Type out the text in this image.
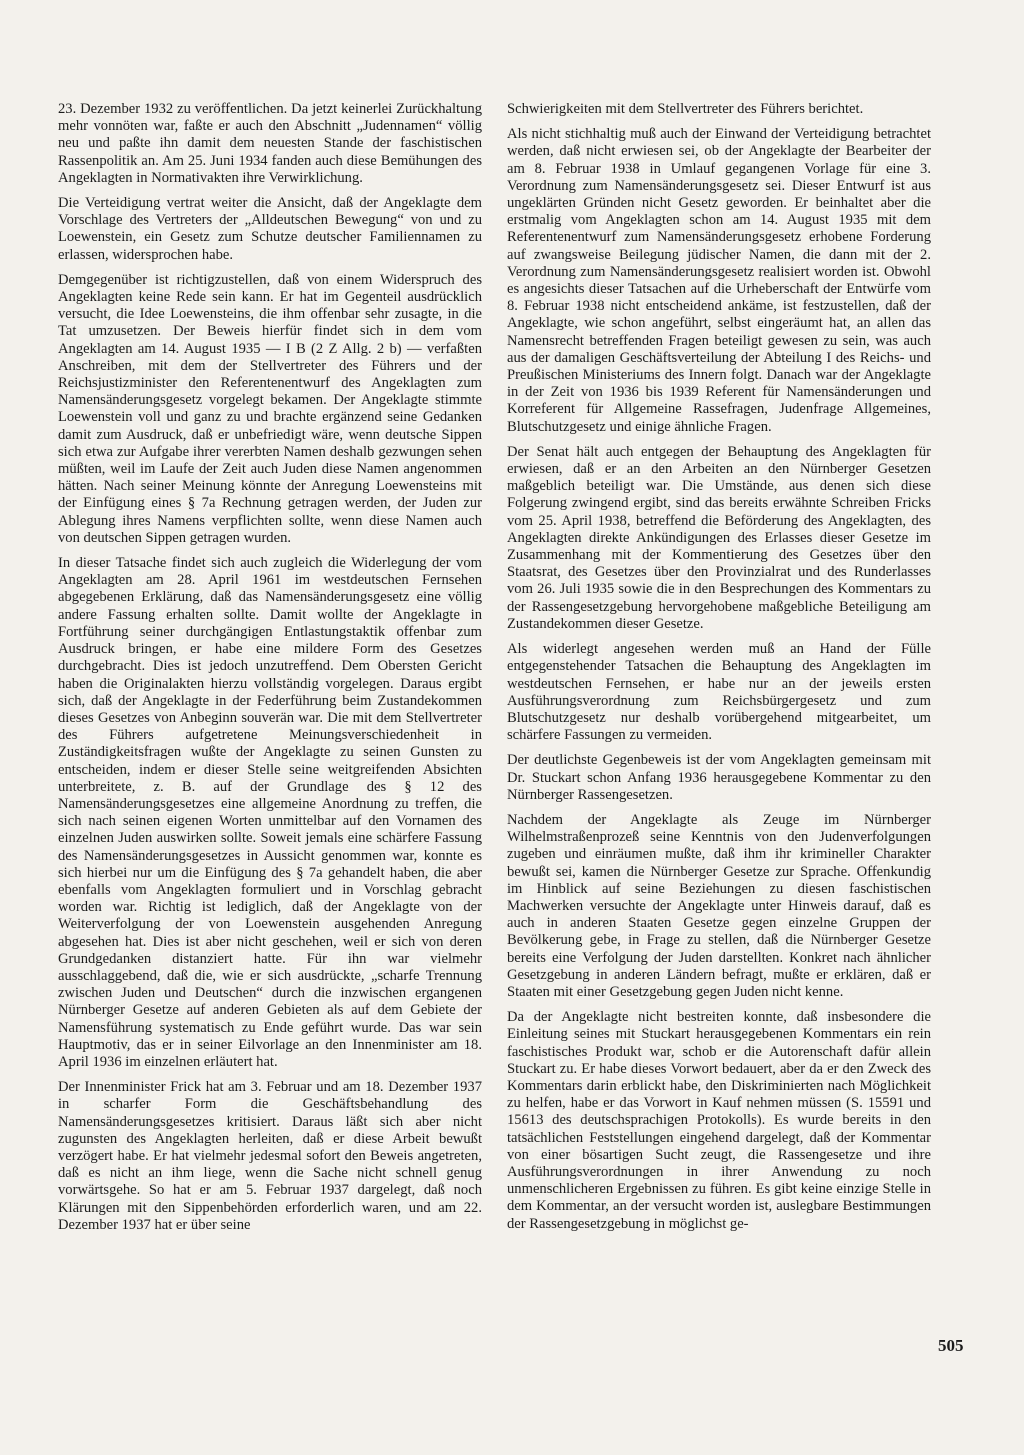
23. Dezember 1932 zu veröffentlichen. Da jetzt keinerlei Zurückhaltung mehr vonnöten war, faßte er auch den Abschnitt „Judennamen“ völlig neu und paßte ihn damit dem neuesten Stande der faschistischen Rassenpolitik an. Am 25. Juni 1934 fanden auch diese Bemühungen des Angeklagten in Normativakten ihre Verwirklichung.

Die Verteidigung vertrat weiter die Ansicht, daß der Angeklagte dem Vorschlage des Vertreters der „Alldeutschen Bewegung“ von und zu Loewenstein, ein Gesetz zum Schutze deutscher Familiennamen zu erlassen, widersprochen habe.

Demgegenüber ist richtigzustellen, daß von einem Widerspruch des Angeklagten keine Rede sein kann. Er hat im Gegenteil ausdrücklich versucht, die Idee Loewensteins, die ihm offenbar sehr zusagte, in die Tat umzusetzen. Der Beweis hierfür findet sich in dem vom Angeklagten am 14. August 1935 — I B (2 Z Allg. 2 b) — verfaßten Anschreiben, mit dem der Stellvertreter des Führers und der Reichsjustizminister den Referentenentwurf des Angeklagten zum Namensänderungsgesetz vorgelegt bekamen. Der Angeklagte stimmte Loewenstein voll und ganz zu und brachte ergänzend seine Gedanken damit zum Ausdruck, daß er unbefriedigt wäre, wenn deutsche Sippen sich etwa zur Aufgabe ihrer vererbten Namen deshalb gezwungen sehen müßten, weil im Laufe der Zeit auch Juden diese Namen angenommen hätten. Nach seiner Meinung könnte der Anregung Loewensteins mit der Einfügung eines § 7a Rechnung getragen werden, der Juden zur Ablegung ihres Namens verpflichten sollte, wenn diese Namen auch von deutschen Sippen getragen wurden.

In dieser Tatsache findet sich auch zugleich die Widerlegung der vom Angeklagten am 28. April 1961 im westdeutschen Fernsehen abgegebenen Erklärung, daß das Namensänderungsgesetz eine völlig andere Fassung erhalten sollte. Damit wollte der Angeklagte in Fortführung seiner durchgängigen Entlastungstaktik offenbar zum Ausdruck bringen, er habe eine mildere Form des Gesetzes durchgebracht. Dies ist jedoch unzutreffend. Dem Obersten Gericht haben die Originalakten hierzu vollständig vorgelegen. Daraus ergibt sich, daß der Angeklagte in der Federführung beim Zustandekommen dieses Gesetzes von Anbeginn souverän war. Die mit dem Stellvertreter des Führers aufgetretene Meinungsverschiedenheit in Zuständigkeitsfragen wußte der Angeklagte zu seinen Gunsten zu entscheiden, indem er dieser Stelle seine weitgreifenden Absichten unterbreitete, z. B. auf der Grundlage des § 12 des Namensänderungsgesetzes eine allgemeine Anordnung zu treffen, die sich nach seinen eigenen Worten unmittelbar auf den Vornamen des einzelnen Juden auswirken sollte. Soweit jemals eine schärfere Fassung des Namensänderungsgesetzes in Aussicht genommen war, konnte es sich hierbei nur um die Einfügung des § 7a gehandelt haben, die aber ebenfalls vom Angeklagten formuliert und in Vorschlag gebracht worden war. Richtig ist lediglich, daß der Angeklagte von der Weiterverfolgung der von Loewenstein ausgehenden Anregung abgesehen hat. Dies ist aber nicht geschehen, weil er sich von deren Grundgedanken distanziert hatte. Für ihn war vielmehr ausschlaggebend, daß die, wie er sich ausdrückte, „scharfe Trennung zwischen Juden und Deutschen“ durch die inzwischen ergangenen Nürnberger Gesetze auf anderen Gebieten als auf dem Gebiete der Namensführung systematisch zu Ende geführt wurde. Das war sein Hauptmotiv, das er in seiner Eilvorlage an den Innenminister am 18. April 1936 im einzelnen erläutert hat.

Der Innenminister Frick hat am 3. Februar und am 18. Dezember 1937 in scharfer Form die Geschäftsbehandlung des Namensänderungsgesetzes kritisiert. Daraus läßt sich aber nicht zugunsten des Angeklagten herleiten, daß er diese Arbeit bewußt verzögert habe. Er hat vielmehr jedesmal sofort den Beweis angetreten, daß es nicht an ihm liege, wenn die Sache nicht schnell genug vorwärtsgehe. So hat er am 5. Februar 1937 dargelegt, daß noch Klärungen mit den Sippenbehörden erforderlich waren, und am 22. Dezember 1937 hat er über seine

Schwierigkeiten mit dem Stellvertreter des Führers berichtet.

Als nicht stichhaltig muß auch der Einwand der Verteidigung betrachtet werden, daß nicht erwiesen sei, ob der Angeklagte der Bearbeiter der am 8. Februar 1938 in Umlauf gegangenen Vorlage für eine 3. Verordnung zum Namensänderungsgesetz sei. Dieser Entwurf ist aus ungeklärten Gründen nicht Gesetz geworden. Er beinhaltet aber die erstmalig vom Angeklagten schon am 14. August 1935 mit dem Referentenentwurf zum Namensänderungsgesetz erhobene Forderung auf zwangsweise Beilegung jüdischer Namen, die dann mit der 2. Verordnung zum Namensänderungsgesetz realisiert worden ist. Obwohl es angesichts dieser Tatsachen auf die Urheberschaft der Entwürfe vom 8. Februar 1938 nicht entscheidend ankäme, ist festzustellen, daß der Angeklagte, wie schon angeführt, selbst eingeräumt hat, an allen das Namensrecht betreffenden Fragen beteiligt gewesen zu sein, was auch aus der damaligen Geschäftsverteilung der Abteilung I des Reichs- und Preußischen Ministeriums des Innern folgt. Danach war der Angeklagte in der Zeit von 1936 bis 1939 Referent für Namensänderungen und Korreferent für Allgemeine Rassefragen, Judenfrage Allgemeines, Blutschutzgesetz und einige ähnliche Fragen.

Der Senat hält auch entgegen der Behauptung des Angeklagten für erwiesen, daß er an den Arbeiten an den Nürnberger Gesetzen maßgeblich beteiligt war. Die Umstände, aus denen sich diese Folgerung zwingend ergibt, sind das bereits erwähnte Schreiben Fricks vom 25. April 1938, betreffend die Beförderung des Angeklagten, des Angeklagten direkte Ankündigungen des Erlasses dieser Gesetze im Zusammenhang mit der Kommentierung des Gesetzes über den Staatsrat, des Gesetzes über den Provinzialrat und des Runderlasses vom 26. Juli 1935 sowie die in den Besprechungen des Kommentars zu der Rassengesetzgebung hervorgehobene maßgebliche Beteiligung am Zustandekommen dieser Gesetze.

Als widerlegt angesehen werden muß an Hand der Fülle entgegenstehender Tatsachen die Behauptung des Angeklagten im westdeutschen Fernsehen, er habe nur an der jeweils ersten Ausführungsverordnung zum Reichsbürgergesetz und zum Blutschutzgesetz nur deshalb vorübergehend mitgearbeitet, um schärfere Fassungen zu vermeiden.

Der deutlichste Gegenbeweis ist der vom Angeklagten gemeinsam mit Dr. Stuckart schon Anfang 1936 herausgegebene Kommentar zu den Nürnberger Rassengesetzen.

Nachdem der Angeklagte als Zeuge im Nürnberger Wilhelmstraßenprozeß seine Kenntnis von den Judenverfolgungen zugeben und einräumen mußte, daß ihm ihr krimineller Charakter bewußt sei, kamen die Nürnberger Gesetze zur Sprache. Offenkundig im Hinblick auf seine Beziehungen zu diesen faschistischen Machwerken versuchte der Angeklagte unter Hinweis darauf, daß es auch in anderen Staaten Gesetze gegen einzelne Gruppen der Bevölkerung gebe, in Frage zu stellen, daß die Nürnberger Gesetze bereits eine Verfolgung der Juden darstellten. Konkret nach ähnlicher Gesetzgebung in anderen Ländern befragt, mußte er erklären, daß er Staaten mit einer Gesetzgebung gegen Juden nicht kenne.

Da der Angeklagte nicht bestreiten konnte, daß insbesondere die Einleitung seines mit Stuckart herausgegebenen Kommentars ein rein faschistisches Produkt war, schob er die Autorenschaft dafür allein Stuckart zu. Er habe dieses Vorwort bedauert, aber da er den Zweck des Kommentars darin erblickt habe, den Diskriminierten nach Möglichkeit zu helfen, habe er das Vorwort in Kauf nehmen müssen (S. 15591 und 15613 des deutschsprachigen Protokolls). Es wurde bereits in den tatsächlichen Feststellungen eingehend dargelegt, daß der Kommentar von einer bösartigen Sucht zeugt, die Rassengesetze und ihre Ausführungsverordnungen in ihrer Anwendung zu noch unmenschlicheren Ergebnissen zu führen. Es gibt keine einzige Stelle in dem Kommentar, an der versucht worden ist, auslegbare Bestimmungen der Rassengesetzgebung in möglichst ge-

505
